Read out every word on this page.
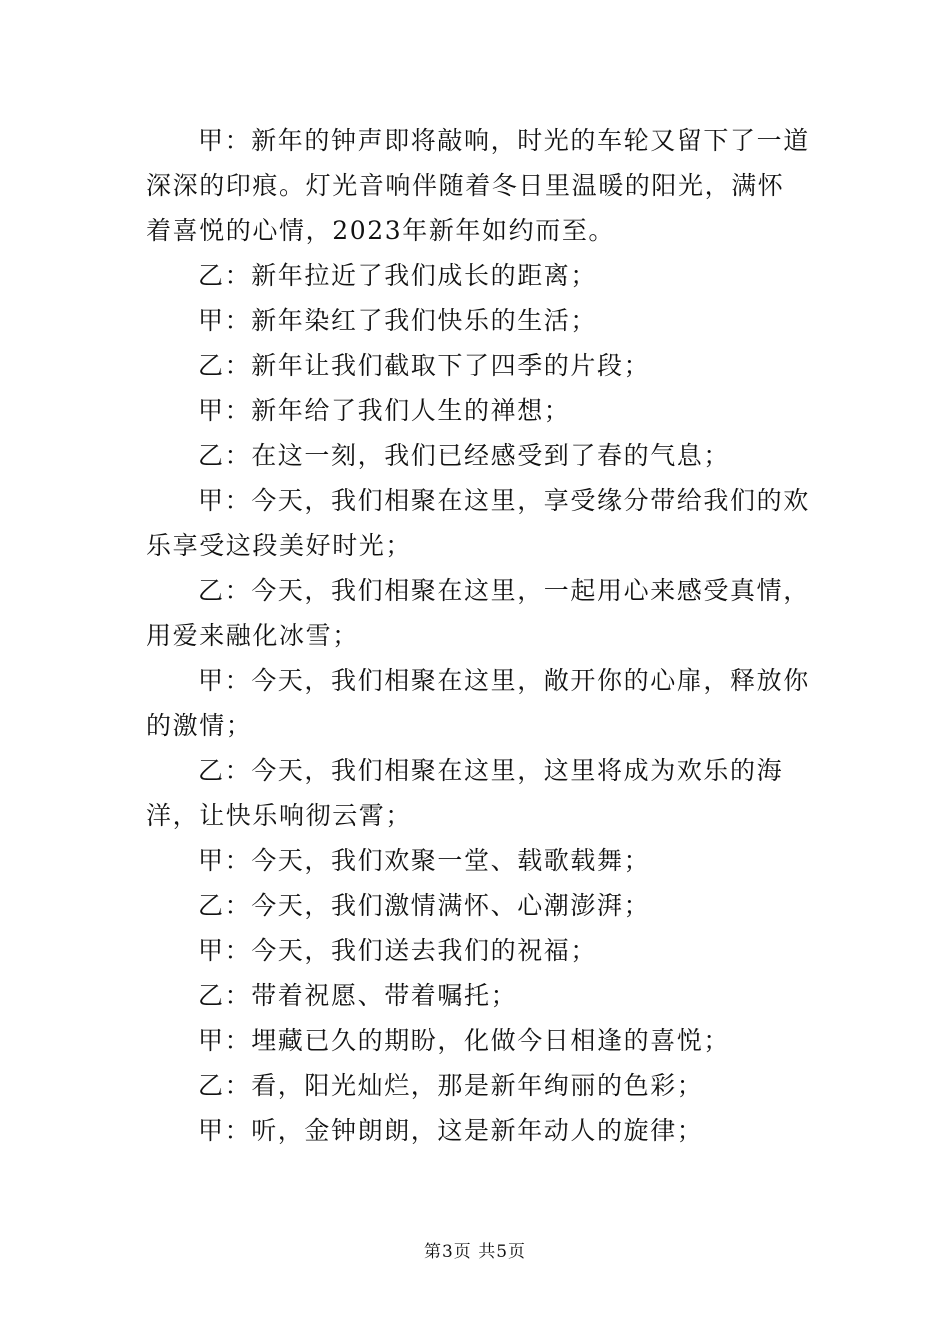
甲：新年的钟声即将敲响，时光的车轮又留下了一道深深的印痕。灯光音响伴随着冬日里温暖的阳光，满怀着喜悦的心情，2023年新年如约而至。

乙：新年拉近了我们成长的距离；

甲：新年染红了我们快乐的生活；

乙：新年让我们截取下了四季的片段；

甲：新年给了我们人生的禅想；

乙：在这一刻，我们已经感受到了春的气息；

甲：今天，我们相聚在这里，享受缘分带给我们的欢乐享受这段美好时光；

乙：今天，我们相聚在这里，一起用心来感受真情，用爱来融化冰雪；

甲：今天，我们相聚在这里，敞开你的心扉，释放你的激情；

乙：今天，我们相聚在这里，这里将成为欢乐的海洋，让快乐响彻云霄；

甲：今天，我们欢聚一堂、载歌载舞；

乙：今天，我们激情满怀、心潮澎湃；

甲：今天，我们送去我们的祝福；

乙：带着祝愿、带着嘱托；

甲：埋藏已久的期盼，化做今日相逢的喜悦；

乙：看，阳光灿烂，那是新年绚丽的色彩；

甲：听，金钟朗朗，这是新年动人的旋律；

第3页 共5页
